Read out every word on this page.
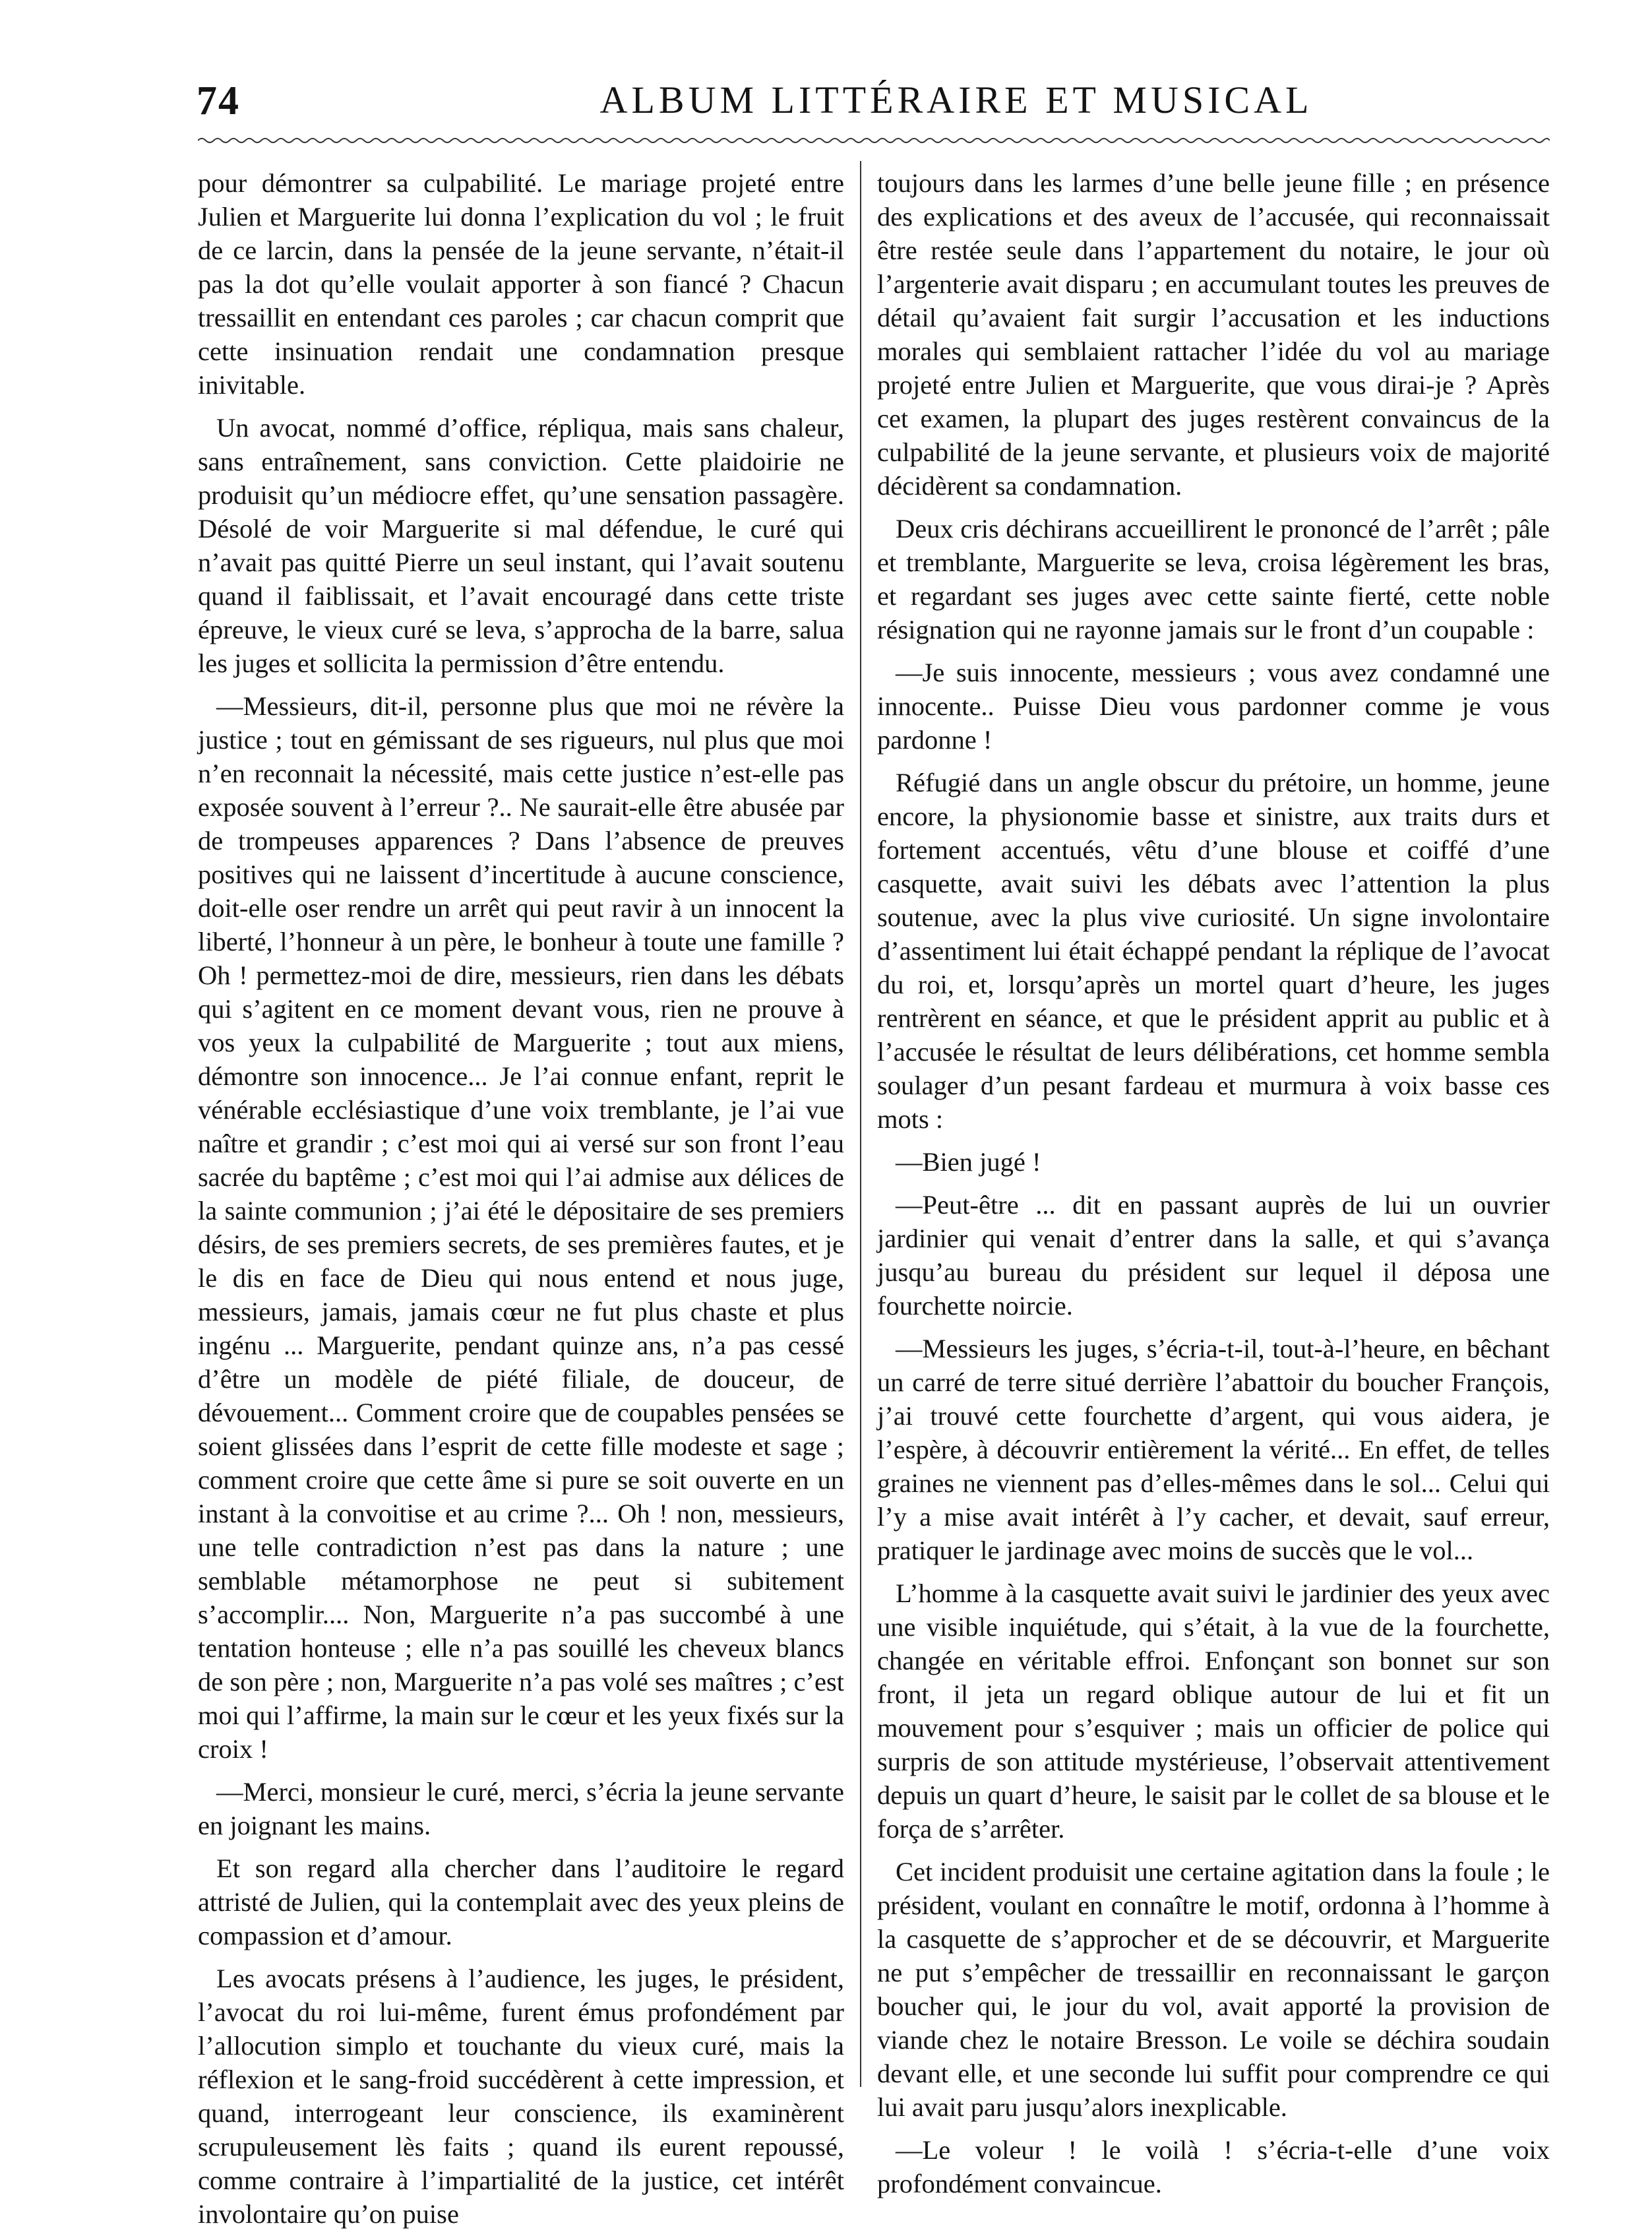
74	ALBUM LITTÉRAIRE ET MUSICAL

pour démontrer sa culpabilité. Le mariage projeté entre Julien et Marguerite lui donna l’explication du vol ; le fruit de ce larcin, dans la pensée de la jeune servante, n’était-il pas la dot qu’elle voulait apporter à son fiancé ? Chacun tressaillit en entendant ces paroles ; car chacun comprit que cette insinuation rendait une condamnation presque inivitable.

Un avocat, nommé d’office, répliqua, mais sans chaleur, sans entraînement, sans conviction. Cette plaidoirie ne produisit qu’un médiocre effet, qu’une sensation passagère. Désolé de voir Marguerite si mal défendue, le curé qui n’avait pas quitté Pierre un seul instant, qui l’avait soutenu quand il faiblissait, et l’avait encouragé dans cette triste épreuve, le vieux curé se leva, s’approcha de la barre, salua les juges et sollicita la permission d’être entendu.

—Messieurs, dit-il, personne plus que moi ne révère la justice ; tout en gémissant de ses rigueurs, nul plus que moi n’en reconnait la nécessité, mais cette justice n’est-elle pas exposée souvent à l’erreur ?.. Ne saurait-elle être abusée par de trompeuses apparences ? Dans l’absence de preuves positives qui ne laissent d’incertitude à aucune conscience, doit-elle oser rendre un arrêt qui peut ravir à un innocent la liberté, l’honneur à un père, le bonheur à toute une famille ? Oh ! permettez-moi de dire, messieurs, rien dans les débats qui s’agitent en ce moment devant vous, rien ne prouve à vos yeux la culpabilité de Marguerite ; tout aux miens, démontre son innocence... Je l’ai connue enfant, reprit le vénérable ecclésiastique d’une voix tremblante, je l’ai vue naître et grandir ; c’est moi qui ai versé sur son front l’eau sacrée du baptême ; c’est moi qui l’ai admise aux délices de la sainte communion ; j’ai été le dépositaire de ses premiers désirs, de ses premiers secrets, de ses premières fautes, et je le dis en face de Dieu qui nous entend et nous juge, messieurs, jamais, jamais cœur ne fut plus chaste et plus ingénu ... Marguerite, pendant quinze ans, n’a pas cessé d’être un modèle de piété filiale, de douceur, de dévouement... Comment croire que de coupables pensées se soient glissées dans l’esprit de cette fille modeste et sage ; comment croire que cette âme si pure se soit ouverte en un instant à la convoitise et au crime ?... Oh ! non, messieurs, une telle contradiction n’est pas dans la nature ; une semblable métamorphose ne peut si subitement s’accomplir.... Non, Marguerite n’a pas succombé à une tentation honteuse ; elle n’a pas souillé les cheveux blancs de son père ; non, Marguerite n’a pas volé ses maîtres ; c’est moi qui l’affirme, la main sur le cœur et les yeux fixés sur la croix !

—Merci, monsieur le curé, merci, s’écria la jeune servante en joignant les mains.

Et son regard alla chercher dans l’auditoire le regard attristé de Julien, qui la contemplait avec des yeux pleins de compassion et d’amour.

Les avocats présens à l’audience, les juges, le président, l’avocat du roi lui-même, furent émus profondément par l’allocution simplo et touchante du vieux curé, mais la réflexion et le sang-froid succédèrent à cette impression, et quand, interrogeant leur conscience, ils examinèrent scrupuleusement lès faits ; quand ils eurent repoussé, comme contraire à l’impartialité de la justice, cet intérêt involontaire qu’on puise

toujours dans les larmes d’une belle jeune fille ; en présence des explications et des aveux de l’accusée, qui reconnaissait être restée seule dans l’appartement du notaire, le jour où l’argenterie avait disparu ; en accumulant toutes les preuves de détail qu’avaient fait surgir l’accusation et les inductions morales qui semblaient rattacher l’idée du vol au mariage projeté entre Julien et Marguerite, que vous dirai-je ? Après cet examen, la plupart des juges restèrent convaincus de la culpabilité de la jeune servante, et plusieurs voix de majorité décidèrent sa condamnation.

Deux cris déchirans accueillirent le prononcé de l’arrêt ; pâle et tremblante, Marguerite se leva, croisa légèrement les bras, et regardant ses juges avec cette sainte fierté, cette noble résignation qui ne rayonne jamais sur le front d’un coupable :

—Je suis innocente, messieurs ; vous avez condamné une innocente.. Puisse Dieu vous pardonner comme je vous pardonne !

Réfugié dans un angle obscur du prétoire, un homme, jeune encore, la physionomie basse et sinistre, aux traits durs et fortement accentués, vêtu d’une blouse et coiffé d’une casquette, avait suivi les débats avec l’attention la plus soutenue, avec la plus vive curiosité. Un signe involontaire d’assentiment lui était échappé pendant la réplique de l’avocat du roi, et, lorsqu’après un mortel quart d’heure, les juges rentrèrent en séance, et que le président apprit au public et à l’accusée le résultat de leurs délibérations, cet homme sembla soulager d’un pesant fardeau et murmura à voix basse ces mots :

—Bien jugé !

—Peut-être ... dit en passant auprès de lui un ouvrier jardinier qui venait d’entrer dans la salle, et qui s’avança jusqu’au bureau du président sur lequel il déposa une fourchette noircie.

—Messieurs les juges, s’écria-t-il, tout-à-l’heure, en bêchant un carré de terre situé derrière l’abattoir du boucher François, j’ai trouvé cette fourchette d’argent, qui vous aidera, je l’espère, à découvrir entièrement la vérité... En effet, de telles graines ne viennent pas d’elles-mêmes dans le sol... Celui qui l’y a mise avait intérêt à l’y cacher, et devait, sauf erreur, pratiquer le jardinage avec moins de succès que le vol...

L’homme à la casquette avait suivi le jardinier des yeux avec une visible inquiétude, qui s’était, à la vue de la fourchette, changée en véritable effroi. Enfonçant son bonnet sur son front, il jeta un regard oblique autour de lui et fit un mouvement pour s’esquiver ; mais un officier de police qui surpris de son attitude mystérieuse, l’observait attentivement depuis un quart d’heure, le saisit par le collet de sa blouse et le força de s’arrêter.

Cet incident produisit une certaine agitation dans la foule ; le président, voulant en connaître le motif, ordonna à l’homme à la casquette de s’approcher et de se découvrir, et Marguerite ne put s’empêcher de tressaillir en reconnaissant le garçon boucher qui, le jour du vol, avait apporté la provision de viande chez le notaire Bresson. Le voile se déchira soudain devant elle, et une seconde lui suffit pour comprendre ce qui lui avait paru jusqu’alors inexplicable.

—Le voleur ! le voilà ! s’écria-t-elle d’une voix profondément convaincue.
